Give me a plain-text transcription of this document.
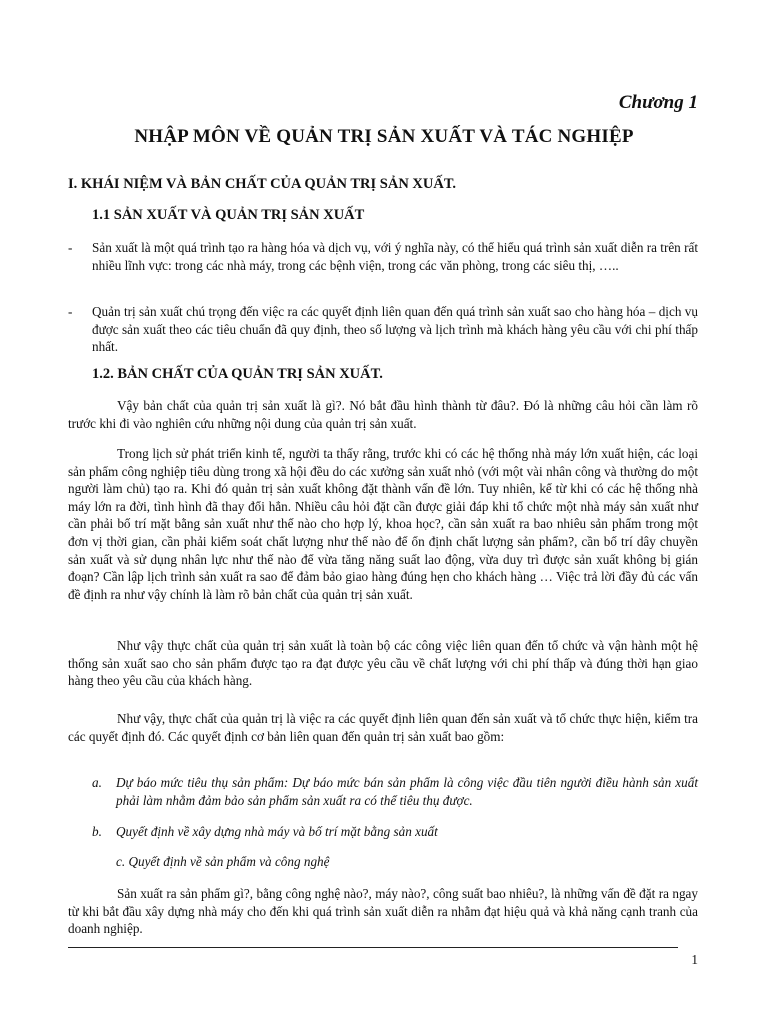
Chương 1
NHẬP MÔN VỀ QUẢN TRỊ SẢN XUẤT VÀ TÁC NGHIỆP
I. KHÁI NIỆM VÀ BẢN CHẤT CỦA QUẢN TRỊ SẢN XUẤT.
1.1 SẢN XUẤT VÀ QUẢN TRỊ SẢN XUẤT
- Sản xuất là một quá trình tạo ra hàng hóa và dịch vụ, với ý nghĩa này, có thể hiểu quá trình sản xuất diễn ra trên rất nhiều lĩnh vực: trong các nhà máy, trong các bệnh viện, trong các văn phòng, trong các siêu thị, …..
- Quản trị sản xuất chú trọng đến việc ra các quyết định liên quan đến quá trình sản xuất sao cho hàng hóa – dịch vụ được sản xuất theo các tiêu chuẩn đã quy định, theo số lượng và lịch trình mà khách hàng yêu cầu với chi phí thấp nhất.
1.2. BẢN CHẤT CỦA QUẢN TRỊ SẢN XUẤT.
Vậy bản chất của quản trị sản xuất là gì?. Nó bắt đầu hình thành từ đâu?. Đó là những câu hỏi cần làm rõ trước khi đi vào nghiên cứu những nội dung của quản trị sản xuất.
Trong lịch sử phát triển kinh tế, người ta thấy rằng, trước khi có các hệ thống nhà máy lớn xuất hiện, các loại sản phẩm công nghiệp tiêu dùng trong xã hội đều do các xưởng sản xuất nhỏ (với một vài nhân công và thường do một người làm chủ) tạo ra. Khi đó quản trị sản xuất không đặt thành vấn đề lớn. Tuy nhiên, kể từ khi có các hệ thống nhà máy lớn ra đời, tình hình đã thay đổi hẳn. Nhiều câu hỏi đặt cần được giải đáp khi tổ chức một nhà máy sản xuất như cần phải bố trí mặt bằng sản xuất như thế nào cho hợp lý, khoa học?, cần sản xuất ra bao nhiêu sản phẩm trong một đơn vị thời gian, cần phải kiểm soát chất lượng như thế nào để ổn định chất lượng sản phẩm?, cần bố trí dây chuyền sản xuất và sử dụng nhân lực như thế nào để vừa tăng năng suất lao động, vừa duy trì được sản xuất không bị gián đoạn? Cần lập lịch trình sản xuất ra sao để đảm bảo giao hàng đúng hẹn cho khách hàng … Việc trả lời đầy đủ các vấn đề định ra như vậy chính là làm rõ bản chất của quản trị sản xuất.
Như vậy thực chất của quản trị sản xuất là toàn bộ các công việc liên quan đến tổ chức và vận hành một hệ thống sản xuất sao cho sản phẩm được tạo ra đạt được yêu cầu về chất lượng với chi phí thấp và đúng thời hạn giao hàng theo yêu cầu của khách hàng.
Như vậy, thực chất của quản trị là việc ra các quyết định liên quan đến sản xuất và tổ chức thực hiện, kiểm tra các quyết định đó. Các quyết định cơ bản liên quan đến quản trị sản xuất bao gồm:
a. Dự báo mức tiêu thụ sản phẩm: Dự báo mức bán sản phẩm là công việc đầu tiên người điều hành sản xuất phải làm nhằm đảm bảo sản phẩm sản xuất ra có thể tiêu thụ được.
b. Quyết định về xây dựng nhà máy và bố trí mặt bằng sản xuất
c. Quyết định về sản phẩm và công nghệ
Sản xuất ra sản phẩm gì?, bằng công nghệ nào?, máy nào?, công suất bao nhiêu?, là những vấn đề đặt ra ngay từ khi bắt đầu xây dựng nhà máy cho đến khi quá trình sản xuất diễn ra nhằm đạt hiệu quả và khả năng cạnh tranh của doanh nghiệp.
1
